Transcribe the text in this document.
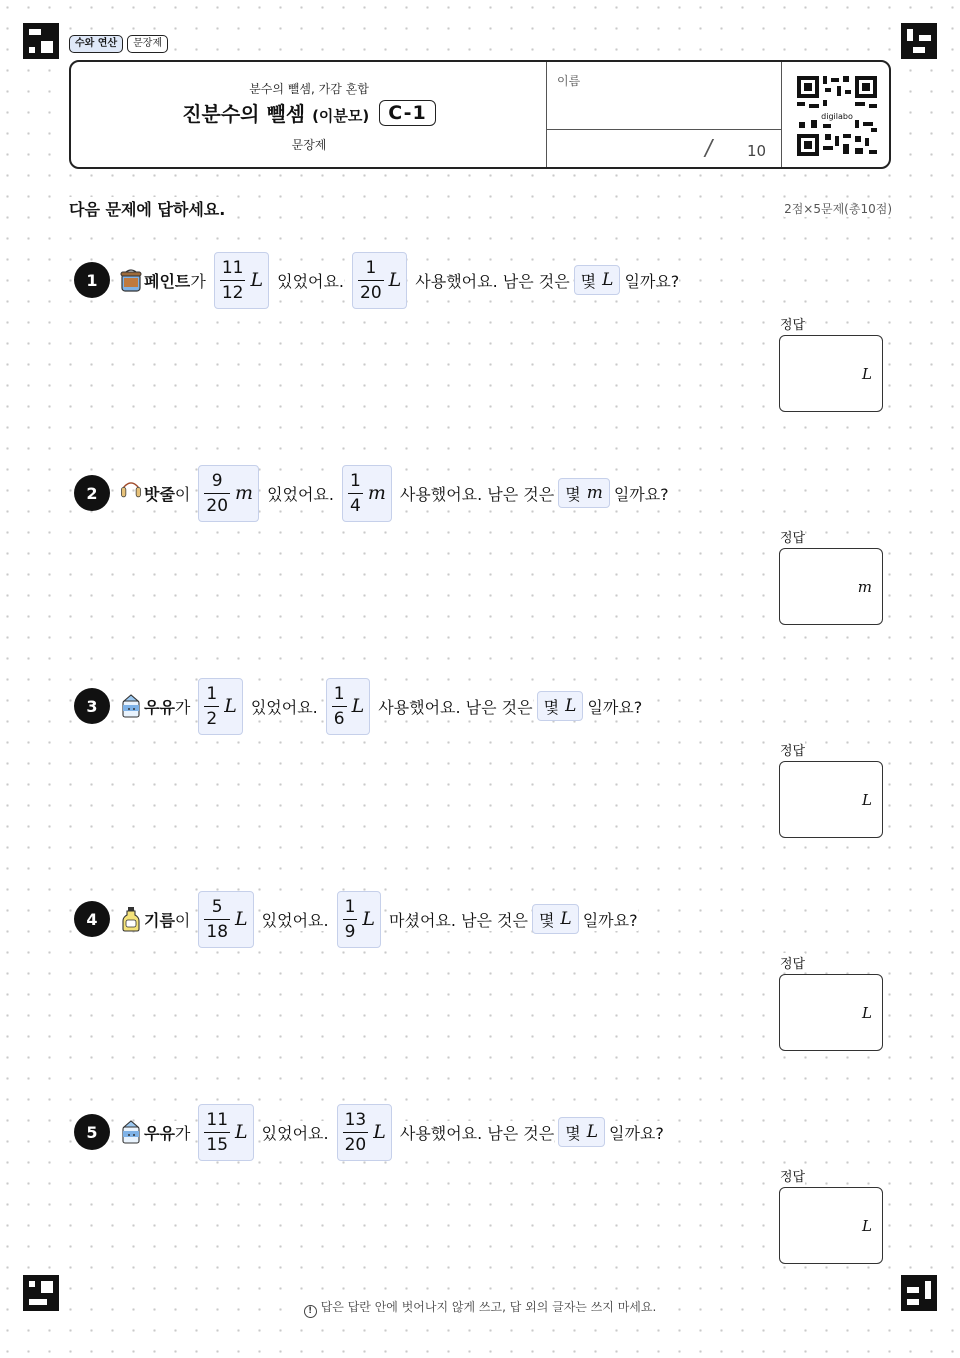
수와 연산	문장제
분수의 뺄셈, 가감 혼합
진분수의 뺄셈 (이분모)	C-1
문장제
이름
/ 10
digilabo
다음 문제에 답하세요.	2점×5문제(총10점)
1	페인트 가 $\frac{11}{12}$ L 있었어요. $\frac{1}{20}$ L 사용했어요. 남은 것은 몇 L 일까요?
정답
L
2	밧줄 이 $\frac{9}{20}$ m 있었어요. $\frac{1}{4}$ m 사용했어요. 남은 것은 몇 m 일까요?
정답
m
3	우유 가 $\frac{1}{2}$ L 있었어요. $\frac{1}{6}$ L 사용했어요. 남은 것은 몇 L 일까요?
정답
L
4	기름 이 $\frac{5}{18}$ L 있었어요. $\frac{1}{9}$ L 마셨어요. 남은 것은 몇 L 일까요?
정답
L
5	우유 가 $\frac{11}{15}$ L 있었어요. $\frac{13}{20}$ L 사용했어요. 남은 것은 몇 L 일까요?
정답
L
! 답은 답란 안에 벗어나지 않게 쓰고, 답 외의 글자는 쓰지 마세요.
